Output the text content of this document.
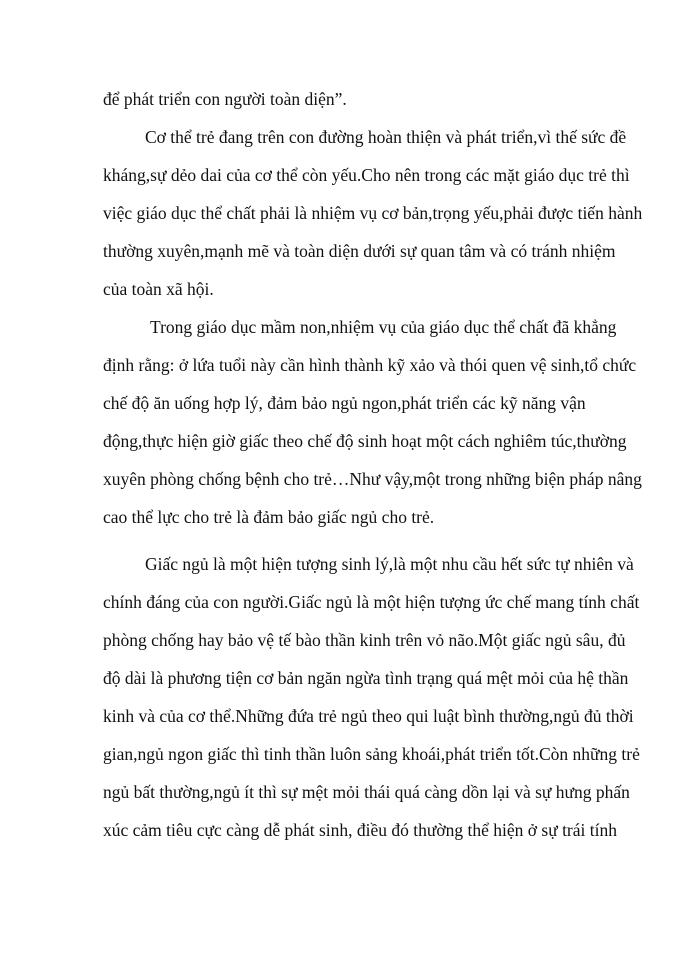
để phát triển con người toàn diện”.
Cơ thể trẻ đang trên con đường hoàn thiện và phát triển,vì thế sức đề
kháng,sự dẻo dai của cơ thể còn yếu.Cho nên trong các mặt giáo dục trẻ thì
việc giáo dục thể chất phải là nhiệm vụ cơ bản,trọng yếu,phải được tiến hành
thường xuyên,mạnh mẽ và toàn diện dưới sự quan tâm và có tránh nhiệm
của toàn xã hội.
Trong giáo dục mầm non,nhiệm vụ của giáo dục thể chất đã khẳng
định rằng: ở lứa tuổi này cần hình thành kỹ xảo và thói quen vệ sinh,tổ chức
chế độ ăn uống hợp lý, đảm bảo ngủ ngon,phát triển các kỹ năng vận
động,thực hiện giờ giấc theo chế độ sinh hoạt một cách nghiêm túc,thường
xuyên phòng chống bệnh cho trẻ…Như vậy,một trong những biện pháp nâng
cao thể lực cho trẻ là đảm bảo giấc ngủ cho trẻ.
Giấc ngủ là một hiện tượng sinh lý,là một nhu cầu hết sức tự nhiên và
chính đáng của con người.Giấc ngủ là một hiện tượng ức chế mang tính chất
phòng chống hay bảo vệ tế bào thần kinh trên vỏ não.Một giấc ngủ sâu, đủ
độ dài là phương tiện cơ bản ngăn ngừa tình trạng quá mệt mỏi của hệ thần
kinh và của cơ thể.Những đứa trẻ ngủ theo qui luật bình thường,ngủ đủ thời
gian,ngủ ngon giấc thì tinh thần luôn sảng khoái,phát triển tốt.Còn những trẻ
ngủ bất thường,ngủ ít thì sự mệt mỏi thái quá càng dồn lại và sự hưng phấn
xúc cảm tiêu cực càng dễ phát sinh, điều đó thường thể hiện ở sự trái tính
